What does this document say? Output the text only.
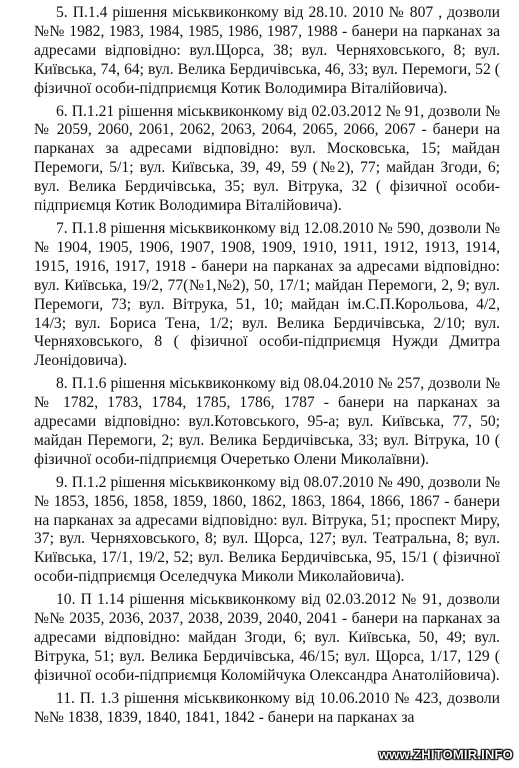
5. П.1.4 рішення міськвиконкому від 28.10. 2010 № 807 , дозволи №№ 1982, 1983, 1984, 1985, 1986, 1987, 1988 - банери на парканах за адресами відповідно: вул.Щорса, 38; вул. Черняховського, 8; вул. Київська, 74, 64; вул. Велика Бердичівська, 46, 33; вул. Перемоги, 52 ( фізичної особи-підприємця Котик Володимира Віталійовича).

6. П.1.21 рішення міськвиконкому від 02.03.2012 № 91, дозволи №№ 2059, 2060, 2061, 2062, 2063, 2064, 2065, 2066, 2067 - банери на парканах за адресами відповідно: вул. Московська, 15; майдан Перемоги, 5/1; вул. Київська, 39, 49, 59 (№2), 77; майдан Згоди, 6; вул. Велика Бердичівська, 35; вул. Вітрука, 32 ( фізичної особи-підприємця Котик Володимира Віталійовича).

7. П.1.8 рішення міськвиконкому від 12.08.2010 № 590, дозволи №№ 1904, 1905, 1906, 1907, 1908, 1909, 1910, 1911, 1912, 1913, 1914, 1915, 1916, 1917, 1918 - банери на парканах за адресами відповідно: вул. Київська, 19/2, 77(№1,№2), 50, 17/1; майдан Перемоги, 2, 9; вул. Перемоги, 73; вул. Вітрука, 51, 10; майдан ім.С.П.Корольова, 4/2, 14/3; вул. Бориса Тена, 1/2; вул. Велика Бердичівська, 2/10; вул. Черняховського, 8 ( фізичної особи-підприємця Нужди Дмитра Леонідовича).

8. П.1.6 рішення міськвиконкому від 08.04.2010 № 257, дозволи №№ 1782, 1783, 1784, 1785, 1786, 1787 - банери на парканах за адресами відповідно: вул.Котовського, 95-а; вул. Київська, 77, 50; майдан Перемоги, 2; вул. Велика Бердичівська, 33; вул. Вітрука, 10 ( фізичної особи-підприємця Очеретько Олени Миколаївни).

9. П.1.2 рішення міськвиконкому від 08.07.2010 № 490, дозволи №№ 1853, 1856, 1858, 1859, 1860, 1862, 1863, 1864, 1866, 1867 - банери на парканах за адресами відповідно: вул. Вітрука, 51; проспект Миру, 37; вул. Черняховського, 8; вул. Щорса, 127; вул. Театральна, 8; вул. Київська, 17/1, 19/2, 52; вул. Велика Бердичівська, 95, 15/1 ( фізичної особи-підприємця Оселедчука Миколи Миколайовича).

10. П 1.14 рішення міськвиконкому від 02.03.2012 № 91, дозволи №№ 2035, 2036, 2037, 2038, 2039, 2040, 2041 - банери на парканах за адресами відповідно: майдан Згоди, 6; вул. Київська, 50, 49; вул. Вітрука, 51; вул. Велика Бердичівська, 46/15; вул. Щорса, 1/17, 129 ( фізичної особи-підприємця Коломійчука Олександра Анатолійовича).

11. П. 1.3 рішення міськвиконкому від 10.06.2010 № 423, дозволи №№ 1838, 1839, 1840, 1841, 1842 - банери на парканах за

www.ZHITOMIR.INFO
